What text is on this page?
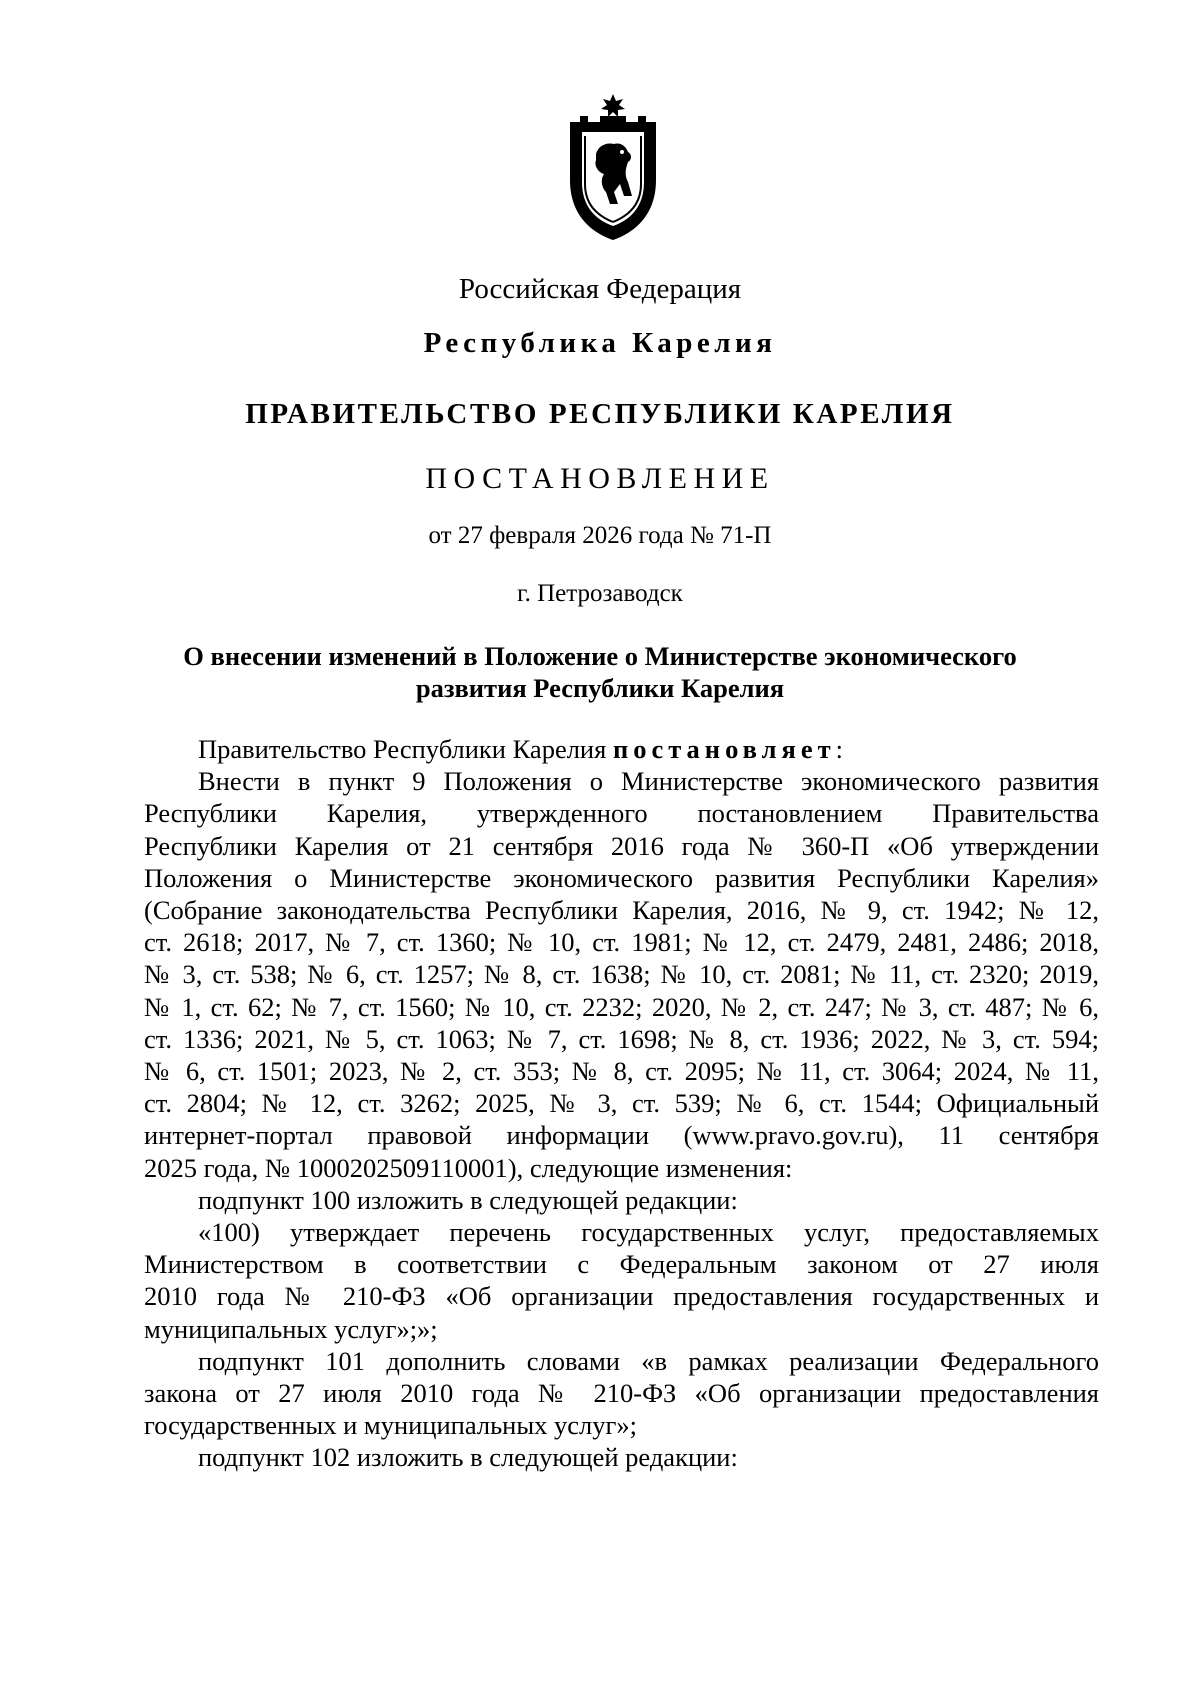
Российская Федерация
Республика Карелия
ПРАВИТЕЛЬСТВО РЕСПУБЛИКИ КАРЕЛИЯ
ПОСТАНОВЛЕНИЕ
от 27 февраля 2026 года № 71-П
г. Петрозаводск
О внесении изменений в Положение о Министерстве экономического
развития Республики Карелия
Правительство Республики Карелия постановляет:
Внести в пункт 9 Положения о Министерстве экономического развития
Республики Карелия, утвержденного постановлением Правительства
Республики Карелия от 21 сентября 2016 года № 360-П «Об утверждении
Положения о Министерстве экономического развития Республики Карелия»
(Собрание законодательства Республики Карелия, 2016, № 9, ст. 1942; № 12,
ст. 2618; 2017, № 7, ст. 1360; № 10, ст. 1981; № 12, ст. 2479, 2481, 2486; 2018,
№ 3, ст. 538; № 6, ст. 1257; № 8, ст. 1638; № 10, ст. 2081; № 11, ст. 2320; 2019,
№ 1, ст. 62; № 7, ст. 1560; № 10, ст. 2232; 2020, № 2, ст. 247; № 3, ст. 487; № 6,
ст. 1336; 2021, № 5, ст. 1063; № 7, ст. 1698; № 8, ст. 1936; 2022, № 3, ст. 594;
№ 6, ст. 1501; 2023, № 2, ст. 353; № 8, ст. 2095; № 11, ст. 3064; 2024, № 11,
ст. 2804; № 12, ст. 3262; 2025, № 3, ст. 539; № 6, ст. 1544; Официальный
интернет-портал правовой информации (www.pravo.gov.ru), 11 сентября
2025 года, № 1000202509110001), следующие изменения:
подпункт 100 изложить в следующей редакции:
«100) утверждает перечень государственных услуг, предоставляемых
Министерством в соответствии с Федеральным законом от 27 июля
2010 года № 210-ФЗ «Об организации предоставления государственных и
муниципальных услуг»;»;
подпункт 101 дополнить словами «в рамках реализации Федерального
закона от 27 июля 2010 года № 210-ФЗ «Об организации предоставления
государственных и муниципальных услуг»;
подпункт 102 изложить в следующей редакции:
